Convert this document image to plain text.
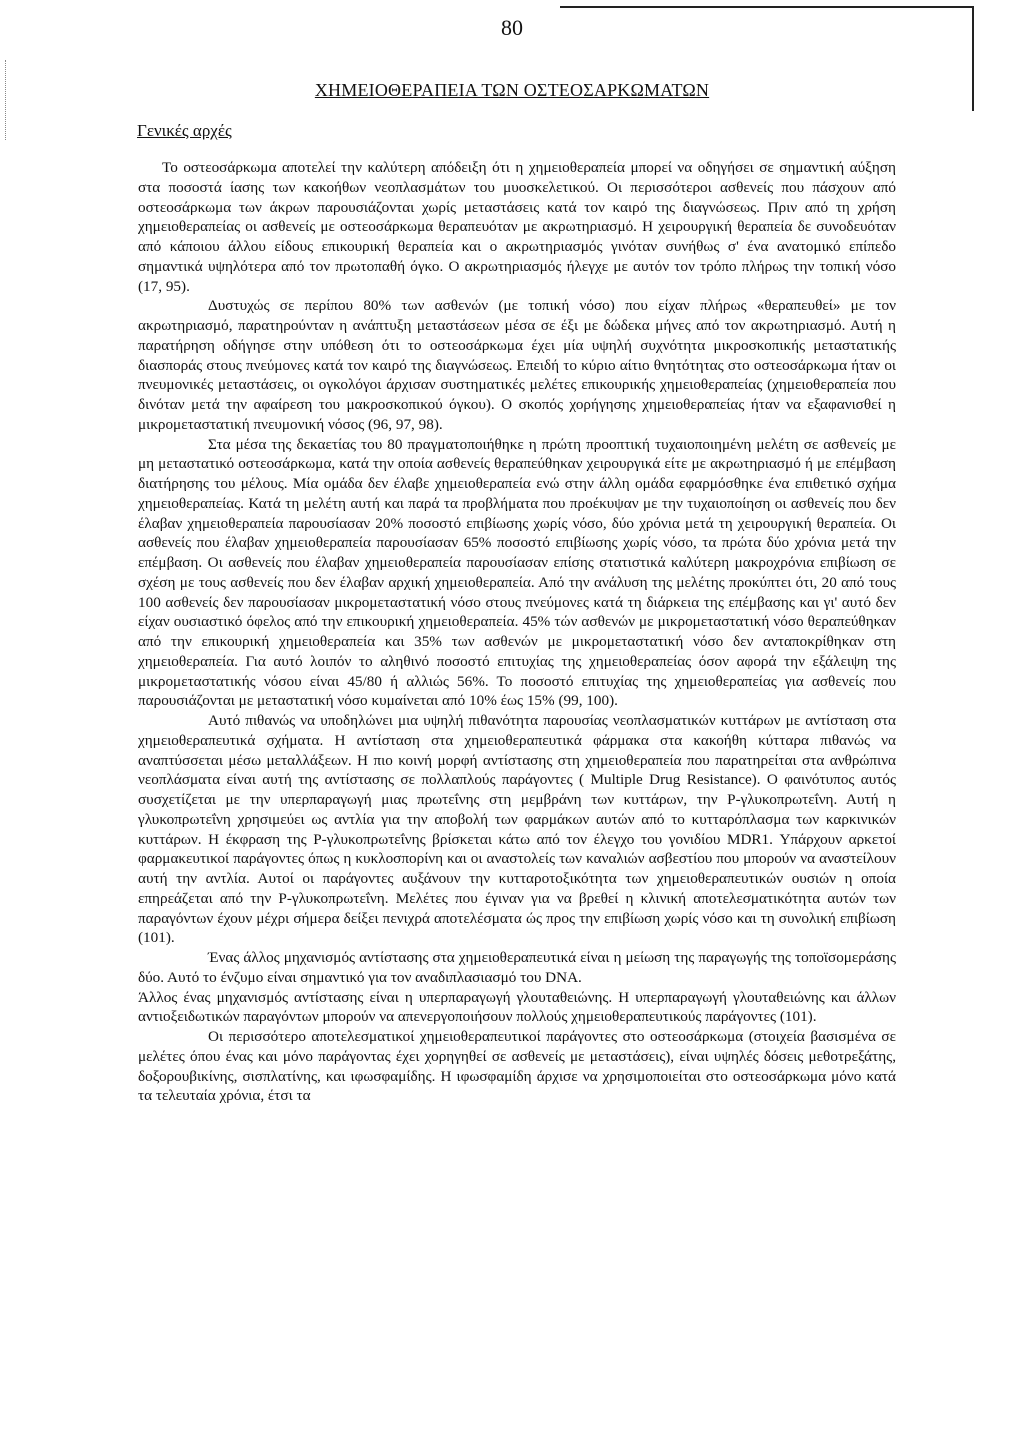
80
ΧΗΜΕΙΟΘΕΡΑΠΕΙΑ ΤΩΝ ΟΣΤΕΟΣΑΡΚΩΜΑΤΩΝ
Γενικές αρχές

Το οστεοσάρκωμα αποτελεί την καλύτερη απόδειξη ότι η χημειοθεραπεία μπορεί να οδηγήσει σε σημαντική αύξηση στα ποσοστά ίασης των κακοήθων νεοπλασμάτων του μυοσκελετικού. Οι περισσότεροι ασθενείς που πάσχουν από οστεοσάρκωμα των άκρων παρουσιάζονται χωρίς μεταστάσεις κατά τον καιρό της διαγνώσεως. Πριν από τη χρήση χημειοθεραπείας οι ασθενείς με οστεοσάρκωμα θεραπευόταν με ακρωτηριασμό. Η χειρουργική θεραπεία δε συνοδευόταν από κάποιου άλλου είδους επικουρική θεραπεία και ο ακρωτηριασμός γινόταν συνήθως σ' ένα ανατομικό επίπεδο σημαντικά υψηλότερα από τον πρωτοπαθή όγκο. Ο ακρωτηριασμός ήλεγχε με αυτόν τον τρόπο πλήρως την τοπική νόσο (17, 95).

Δυστυχώς σε περίπου 80% των ασθενών (με τοπική νόσο) που είχαν πλήρως «θεραπευθεί» με τον ακρωτηριασμό, παρατηρούνταν η ανάπτυξη μεταστάσεων μέσα σε έξι με δώδεκα μήνες από τον ακρωτηριασμό. Αυτή η παρατήρηση οδήγησε στην υπόθεση ότι το οστεοσάρκωμα έχει μία υψηλή συχνότητα μικροσκοπικής μεταστατικής διασποράς στους πνεύμονες κατά τον καιρό της διαγνώσεως. Επειδή το κύριο αίτιο θνητότητας στο οστεοσάρκωμα ήταν οι πνευμονικές μεταστάσεις, οι ογκολόγοι άρχισαν συστηματικές μελέτες επικουρικής χημειοθεραπείας (χημειοθεραπεία που δινόταν μετά την αφαίρεση του μακροσκοπικού όγκου). Ο σκοπός χορήγησης χημειοθεραπείας ήταν να εξαφανισθεί η μικρομεταστατική πνευμονική νόσος (96, 97, 98).

Στα μέσα της δεκαετίας του 80 πραγματοποιήθηκε η πρώτη προοπτική τυχαιοποιημένη μελέτη σε ασθενείς με μη μεταστατικό οστεοσάρκωμα, κατά την οποία ασθενείς θεραπεύθηκαν χειρουργικά είτε με ακρωτηριασμό ή με επέμβαση διατήρησης του μέλους. Μία ομάδα δεν έλαβε χημειοθεραπεία ενώ στην άλλη ομάδα εφαρμόσθηκε ένα επιθετικό σχήμα χημειοθεραπείας. Κατά τη μελέτη αυτή και παρά τα προβλήματα που προέκυψαν με την τυχαιοποίηση οι ασθενείς που δεν έλαβαν χημειοθεραπεία παρουσίασαν 20% ποσοστό επιβίωσης χωρίς νόσο, δύο χρόνια μετά τη χειρουργική θεραπεία. Οι ασθενείς που έλαβαν χημειοθεραπεία παρουσίασαν 65% ποσοστό επιβίωσης χωρίς νόσο, τα πρώτα δύο χρόνια μετά την επέμβαση. Οι ασθενείς που έλαβαν χημειοθεραπεία παρουσίασαν επίσης στατιστικά καλύτερη μακροχρόνια επιβίωση σε σχέση με τους ασθενείς που δεν έλαβαν αρχική χημειοθεραπεία. Από την ανάλυση της μελέτης προκύπτει ότι, 20 από τους 100 ασθενείς δεν παρουσίασαν μικρομεταστατική νόσο στους πνεύμονες κατά τη διάρκεια της επέμβασης και γι' αυτό δεν είχαν ουσιαστικό όφελος από την επικουρική χημειοθεραπεία. 45% τών ασθενών με μικρομεταστατική νόσο θεραπεύθηκαν από την επικουρική χημειοθεραπεία και 35% των ασθενών με μικρομεταστατική νόσο δεν ανταποκρίθηκαν στη χημειοθεραπεία. Για αυτό λοιπόν το αληθινό ποσοστό επιτυχίας της χημειοθεραπείας όσον αφορά την εξάλειψη της μικρομεταστατικής νόσου είναι 45/80 ή αλλιώς 56%. Το ποσοστό επιτυχίας της χημειοθεραπείας για ασθενείς που παρουσιάζονται με μεταστατική νόσο κυμαίνεται από 10% έως 15% (99, 100).

Αυτό πιθανώς να υποδηλώνει μια υψηλή πιθανότητα παρουσίας νεοπλασματικών κυττάρων με αντίσταση στα χημειοθεραπευτικά σχήματα. Η αντίσταση στα χημειοθεραπευτικά φάρμακα στα κακοήθη κύτταρα πιθανώς να αναπτύσσεται μέσω μεταλλάξεων. Η πιο κοινή μορφή αντίστασης στη χημειοθεραπεία που παρατηρείται στα ανθρώπινα νεοπλάσματα είναι αυτή της αντίστασης σε πολλαπλούς παράγοντες ( Multiple Drug Resistance). Ο φαινότυπος αυτός συσχετίζεται με την υπερπαραγωγή μιας πρωτεΐνης στη μεμβράνη των κυττάρων, την P-γλυκοπρωτεΐνη. Αυτή η γλυκοπρωτεΐνη χρησιμεύει ως αντλία για την αποβολή των φαρμάκων αυτών από το κυτταρόπλασμα των καρκινικών κυττάρων. Η έκφραση της P-γλυκοπρωτεΐνης βρίσκεται κάτω από τον έλεγχο του γονιδίου MDR1. Υπάρχουν αρκετοί φαρμακευτικοί παράγοντες όπως η κυκλοσπορίνη και οι αναστολείς των καναλιών ασβεστίου που μπορούν να αναστείλουν αυτή την αντλία. Αυτοί οι παράγοντες αυξάνουν την κυτταροτοξικότητα των χημειοθεραπευτικών ουσιών η οποία επηρεάζεται από την P-γλυκοπρωτεΐνη. Μελέτες που έγιναν για να βρεθεί η κλινική αποτελεσματικότητα αυτών των παραγόντων έχουν μέχρι σήμερα δείξει πενιχρά αποτελέσματα ώς προς την επιβίωση χωρίς νόσο και τη συνολική επιβίωση (101).

Ένας άλλος μηχανισμός αντίστασης στα χημειοθεραπευτικά είναι η μείωση της παραγωγής της τοποϊσομεράσης δύο. Αυτό το ένζυμο είναι σημαντικό για τον αναδιπλασιασμό του DNA.

Άλλος ένας μηχανισμός αντίστασης είναι η υπερπαραγωγή γλουταθειώνης. Η υπερπαραγωγή γλουταθειώνης και άλλων αντιοξειδωτικών παραγόντων μπορούν να απενεργοποιήσουν πολλούς χημειοθεραπευτικούς παράγοντες (101).

Οι περισσότερο αποτελεσματικοί χημειοθεραπευτικοί παράγοντες στο οστεοσάρκωμα (στοιχεία βασισμένα σε μελέτες όπου ένας και μόνο παράγοντας έχει χορηγηθεί σε ασθενείς με μεταστάσεις), είναι υψηλές δόσεις μεθοτρεξάτης, δοξορουβικίνης, σισπλατίνης, και ιφωσφαμίδης. Η ιφωσφαμίδη άρχισε να χρησιμοποιείται στο οστεοσάρκωμα μόνο κατά τα τελευταία χρόνια, έτσι τα
